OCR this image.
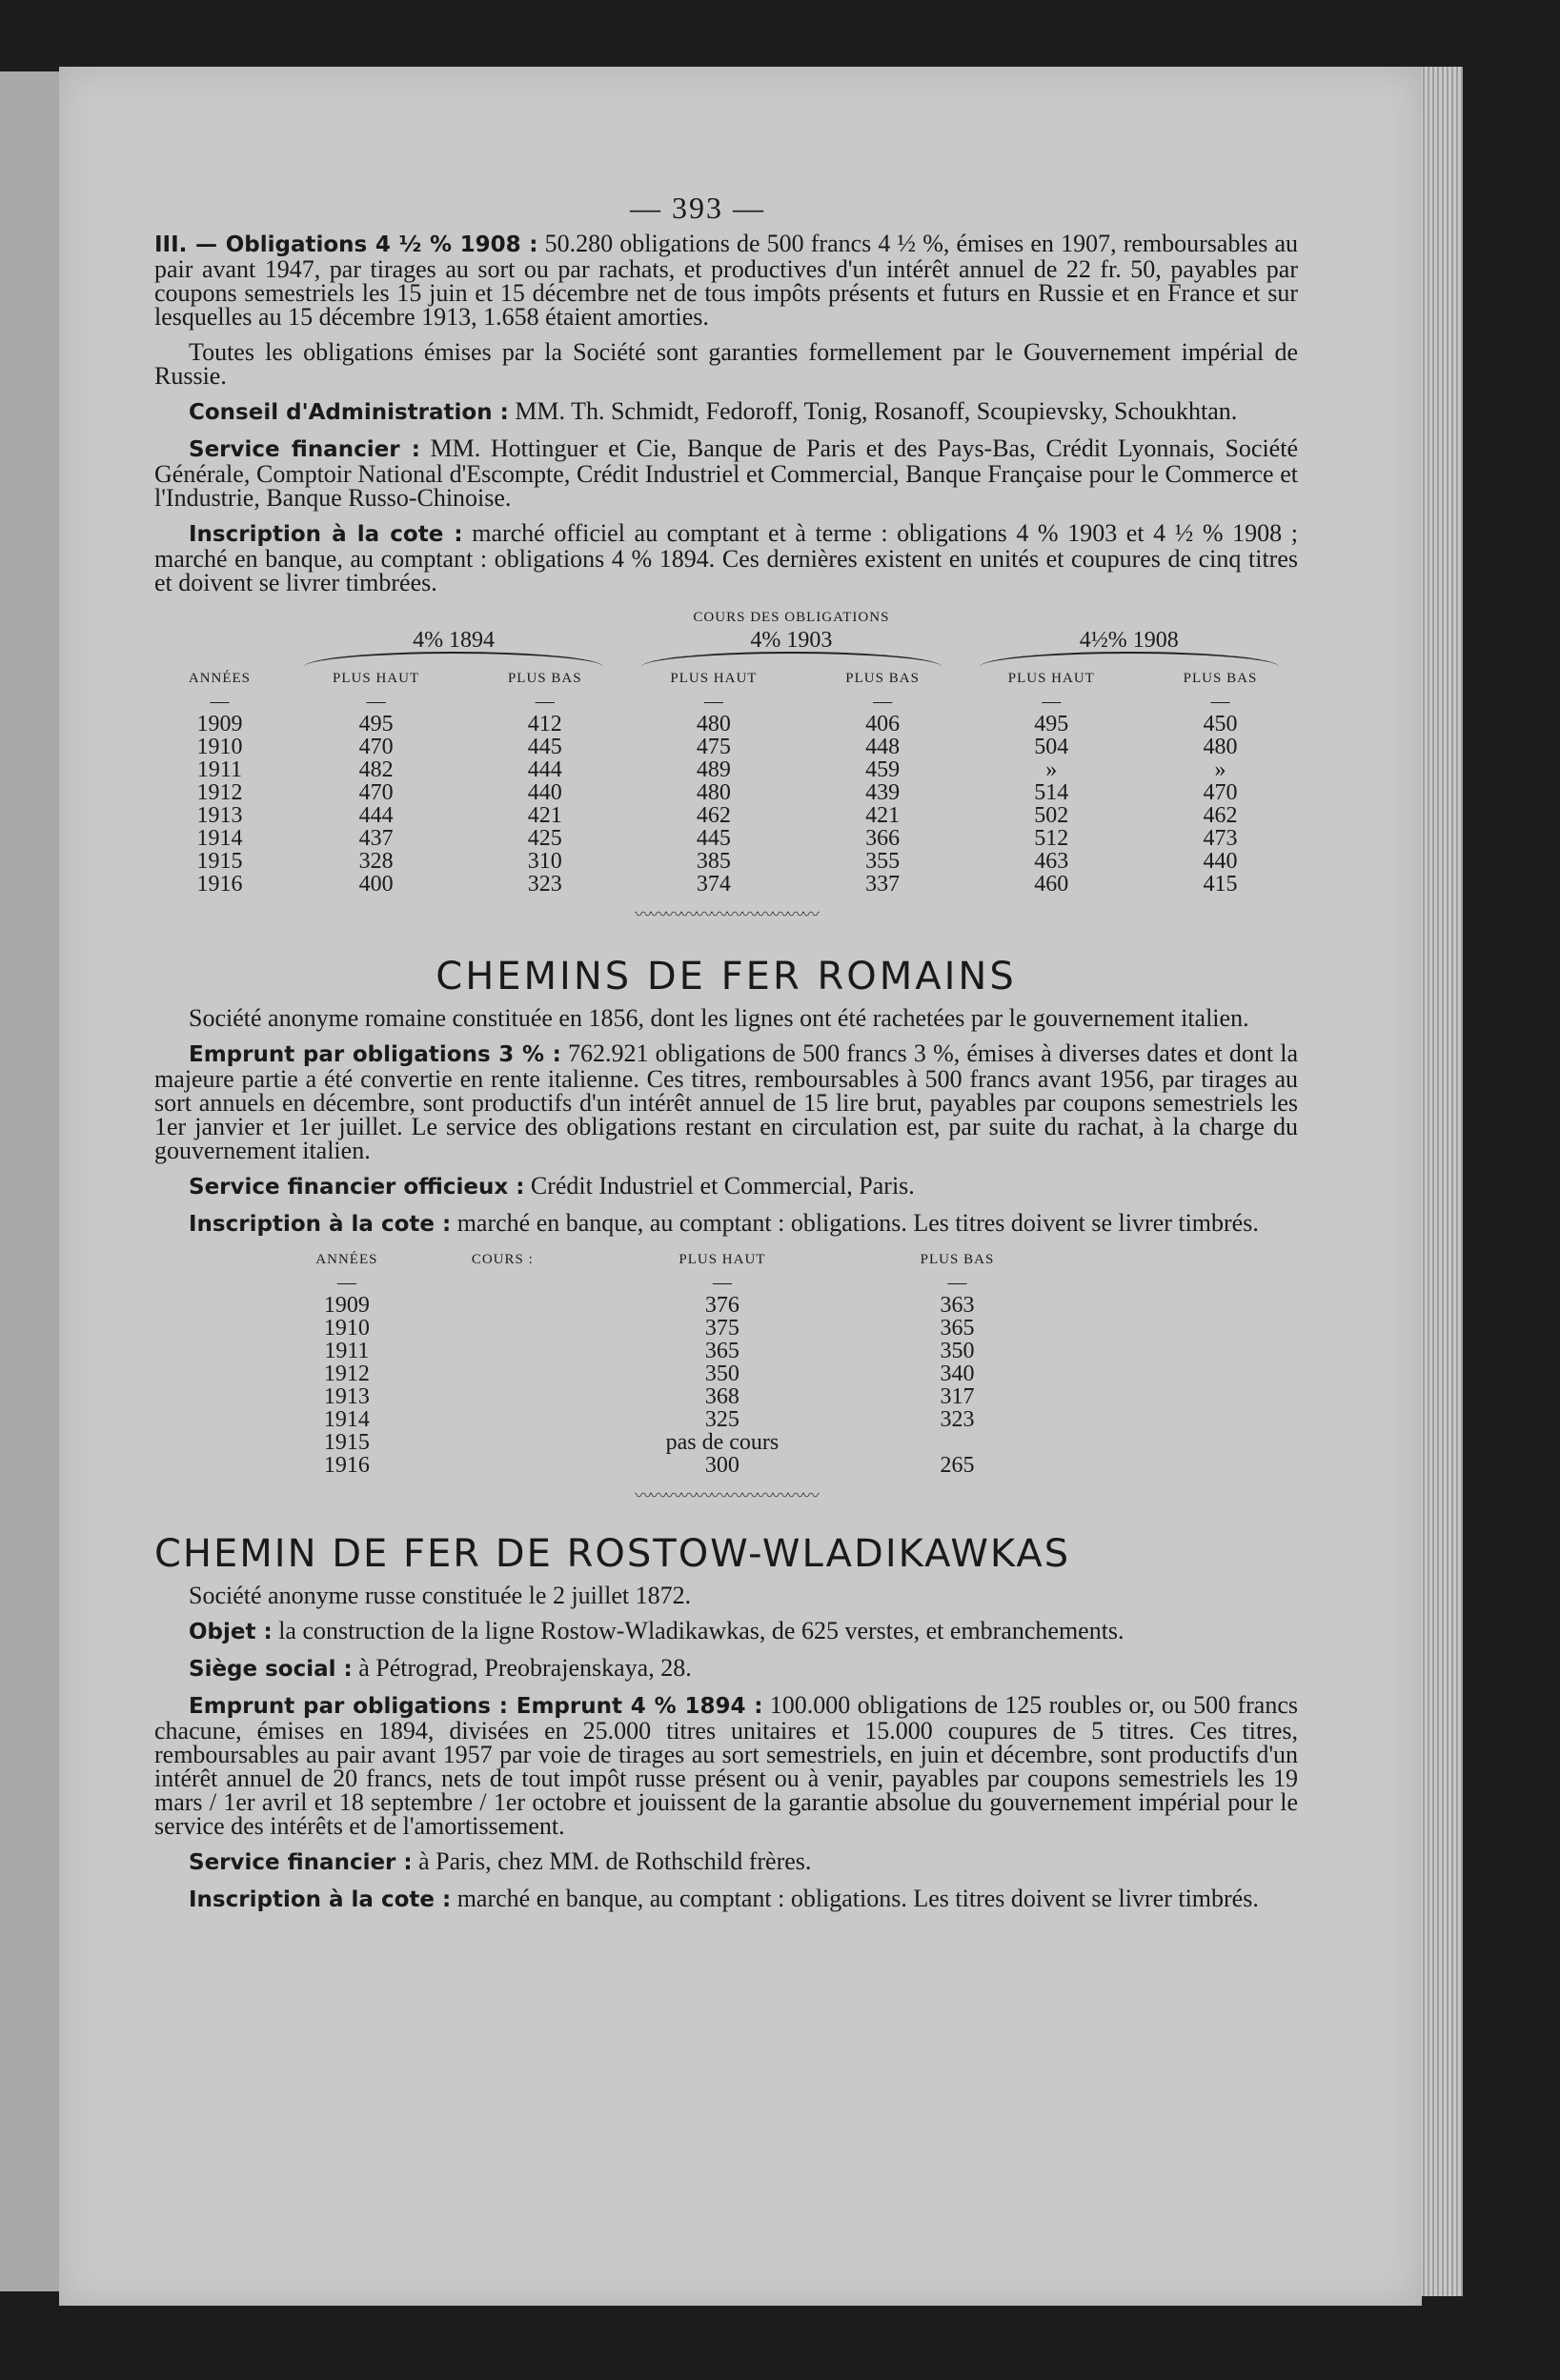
— 393 —

III. — Obligations 4 ½ % 1908 : 50.280 obligations de 500 francs 4 ½ %, émises en 1907, remboursables au pair avant 1947, par tirages au sort ou par rachats, et productives d'un intérêt annuel de 22 fr. 50, payables par coupons semestriels les 15 juin et 15 décembre net de tous impôts présents et futurs en Russie et en France et sur lesquelles au 15 décembre 1913, 1.658 étaient amorties.

Toutes les obligations émises par la Société sont garanties formellement par le Gouvernement impérial de Russie.

Conseil d'Administration : MM. Th. Schmidt, Fedoroff, Tonig, Rosanoff, Scoupievsky, Schoukhtan.

Service financier : MM. Hottinguer et Cie, Banque de Paris et des Pays-Bas, Crédit Lyonnais, Société Générale, Comptoir National d'Escompte, Crédit Industriel et Commercial, Banque Française pour le Commerce et l'Industrie, Banque Russo-Chinoise.

Inscription à la cote : marché officiel au comptant et à terme : obligations 4 % 1903 et 4 ½ % 1908 ; marché en banque, au comptant : obligations 4 % 1894. Ces dernières existent en unités et coupures de cinq titres et doivent se livrer timbrées.

	COURS DES OBLIGATIONS					
	4% 1894		4% 1903		4½% 1908	

ANNÉES	PLUS HAUT	PLUS BAS	PLUS HAUT	PLUS BAS	PLUS HAUT	PLUS BAS
—	—	—	—	—	—	—
1909	495	412	480	406	495	450
1910	470	445	475	448	504	480
1911	482	444	489	459	»	»
1912	470	440	480	439	514	470
1913	444	421	462	421	502	462
1914	437	425	445	366	512	473
1915	328	310	385	355	463	440
1916	400	323	374	337	460	415
〰〰〰〰〰〰〰〰〰〰〰〰
CHEMINS DE FER ROMAINS

Société anonyme romaine constituée en 1856, dont les lignes ont été rachetées par le gouvernement italien.

Emprunt par obligations 3 % : 762.921 obligations de 500 francs 3 %, émises à diverses dates et dont la majeure partie a été convertie en rente italienne. Ces titres, remboursables à 500 francs avant 1956, par tirages au sort annuels en décembre, sont productifs d'un intérêt annuel de 15 lire brut, payables par coupons semestriels les 1er janvier et 1er juillet. Le service des obligations restant en circulation est, par suite du rachat, à la charge du gouvernement italien.

Service financier officieux : Crédit Industriel et Commercial, Paris.

Inscription à la cote : marché en banque, au comptant : obligations. Les titres doivent se livrer timbrés.

ANNÉES	COURS :	PLUS HAUT	PLUS BAS
—		—	—
1909		376	363
1910		375	365
1911		365	350
1912		350	340
1913		368	317
1914		325	323
1915		pas de cours	
1916		300	265
〰〰〰〰〰〰〰〰〰〰〰〰
CHEMIN DE FER DE ROSTOW-WLADIKAWKAS

Société anonyme russe constituée le 2 juillet 1872.

Objet : la construction de la ligne Rostow-Wladikawkas, de 625 verstes, et embranchements.

Siège social : à Pétrograd, Preobrajenskaya, 28.

Emprunt par obligations : Emprunt 4 % 1894 : 100.000 obligations de 125 roubles or, ou 500 francs chacune, émises en 1894, divisées en 25.000 titres unitaires et 15.000 coupures de 5 titres. Ces titres, remboursables au pair avant 1957 par voie de tirages au sort semestriels, en juin et décembre, sont productifs d'un intérêt annuel de 20 francs, nets de tout impôt russe présent ou à venir, payables par coupons semestriels les 19 mars / 1er avril et 18 septembre / 1er octobre et jouissent de la garantie absolue du gouvernement impérial pour le service des intérêts et de l'amortissement.

Service financier : à Paris, chez MM. de Rothschild frères.

Inscription à la cote : marché en banque, au comptant : obligations. Les titres doivent se livrer timbrés.
